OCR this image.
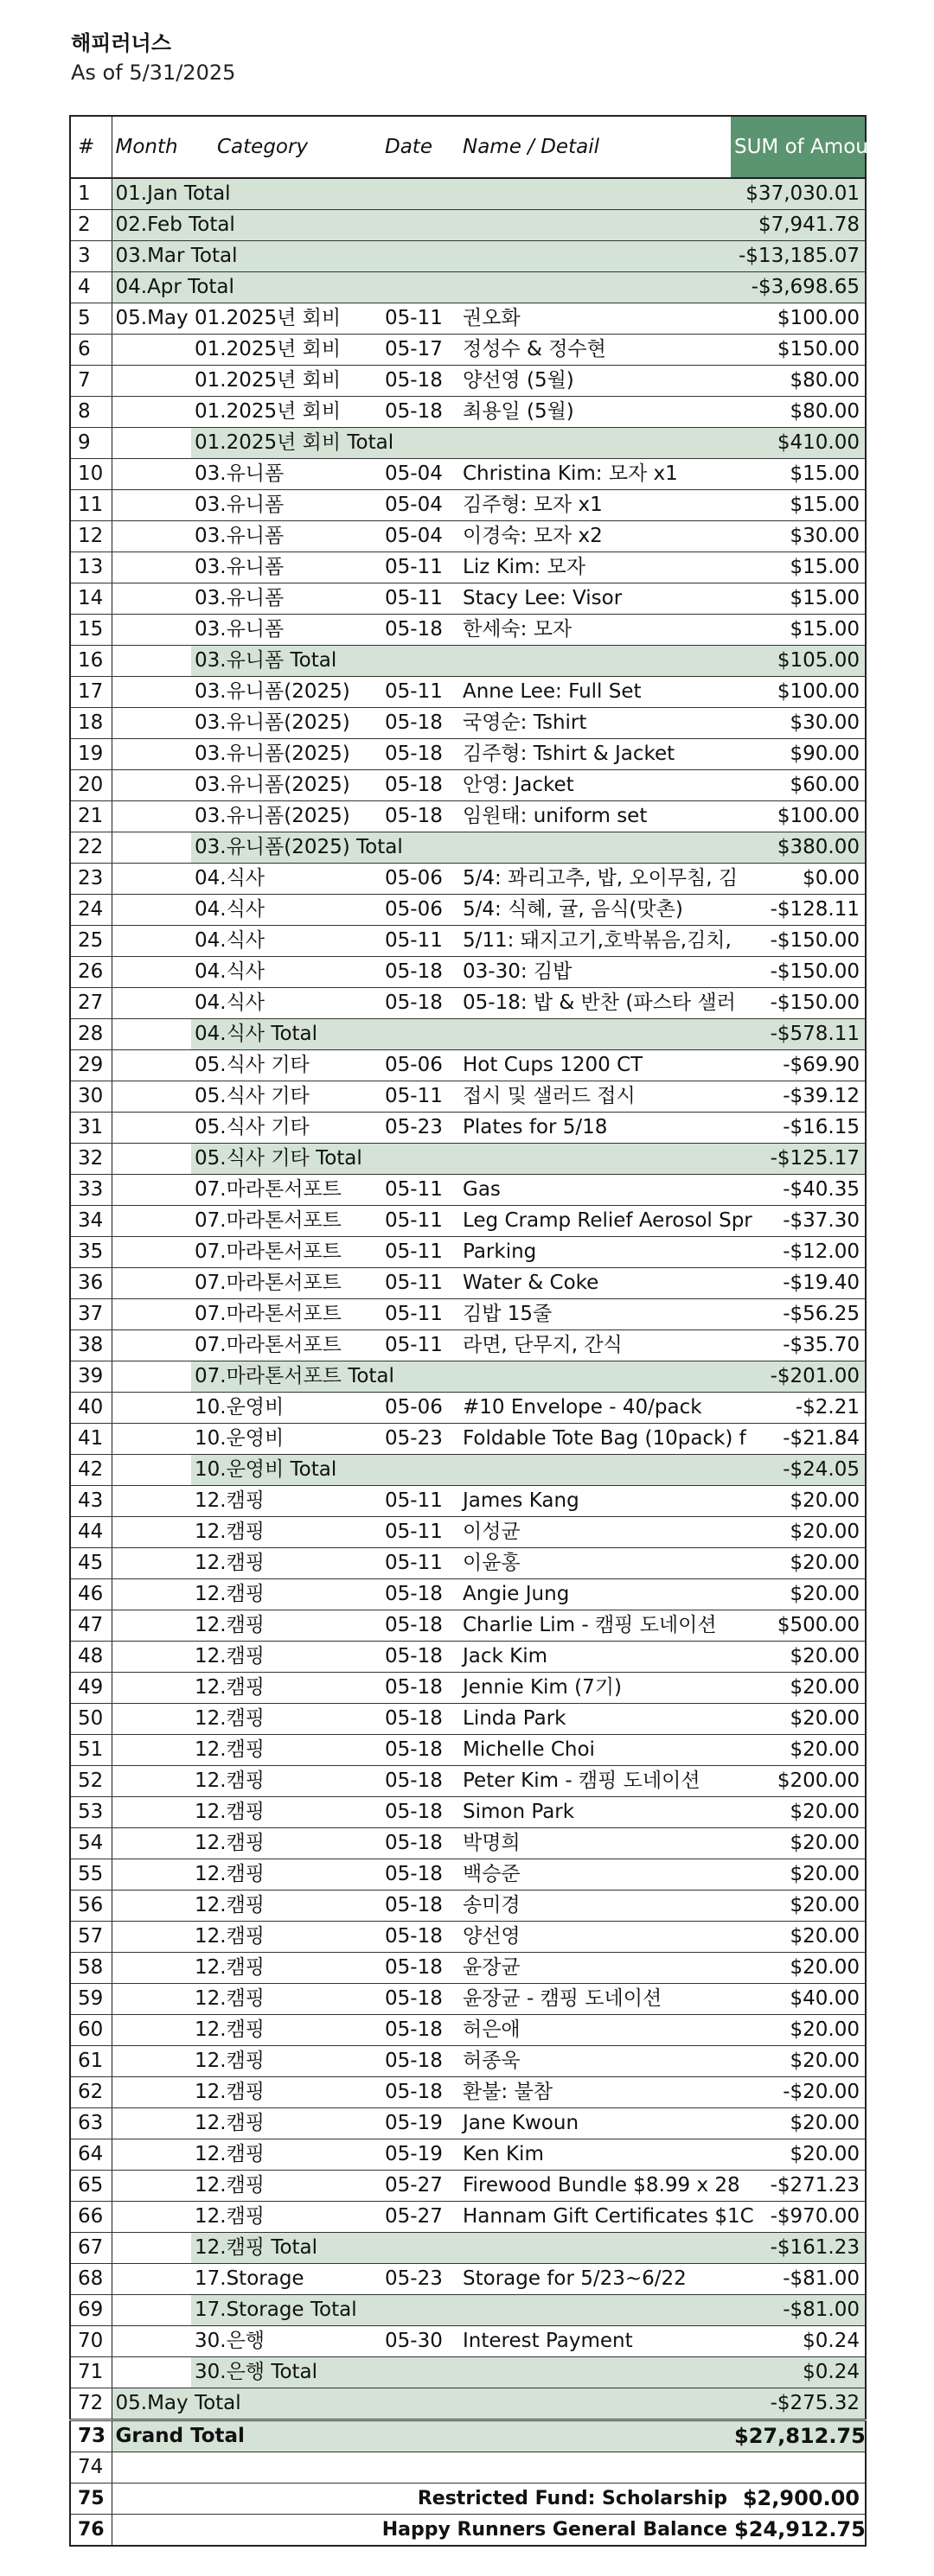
해피러너스
As of 5/31/2025
#	Month	Category	Date	Name / Detail	SUM of Amount
1	01.Jan Total				$37,030.01
2	02.Feb Total				$7,941.78
3	03.Mar Total				-$13,185.07
4	04.Apr Total				-$3,698.65
5	05.May	01.2025년 회비	05-11	권오화	$100.00
6		01.2025년 회비	05-17	정성수 & 정수현	$150.00
7		01.2025년 회비	05-18	양선영 (5월)	$80.00
8		01.2025년 회비	05-18	최용일 (5월)	$80.00
9		01.2025년 회비 Total			$410.00
10		03.유니폼	05-04	Christina Kim: 모자 x1	$15.00
11		03.유니폼	05-04	김주형: 모자 x1	$15.00
12		03.유니폼	05-04	이경숙: 모자 x2	$30.00
13		03.유니폼	05-11	Liz Kim: 모자	$15.00
14		03.유니폼	05-11	Stacy Lee: Visor	$15.00
15		03.유니폼	05-18	한세숙: 모자	$15.00
16		03.유니폼 Total			$105.00
17		03.유니폼(2025)	05-11	Anne Lee: Full Set	$100.00
18		03.유니폼(2025)	05-18	국영순: Tshirt	$30.00
19		03.유니폼(2025)	05-18	김주형: Tshirt & Jacket	$90.00
20		03.유니폼(2025)	05-18	안영: Jacket	$60.00
21		03.유니폼(2025)	05-18	임원태: uniform set	$100.00
22		03.유니폼(2025) Total			$380.00
23		04.식사	05-06	5/4: 꽈리고추, 밥, 오이무침, 김	$0.00
24		04.식사	05-06	5/4: 식혜, 귤, 음식(맛촌)	-$128.11
25		04.식사	05-11	5/11: 돼지고기,호박볶음,김치,	-$150.00
26		04.식사	05-18	03-30: 김밥	-$150.00
27		04.식사	05-18	05-18: 밥 & 반찬 (파스타 샐러	-$150.00
28		04.식사 Total			-$578.11
29		05.식사 기타	05-06	Hot Cups 1200 CT	-$69.90
30		05.식사 기타	05-11	접시 및 샐러드 접시	-$39.12
31		05.식사 기타	05-23	Plates for 5/18	-$16.15
32		05.식사 기타 Total			-$125.17
33		07.마라톤서포트	05-11	Gas	-$40.35
34		07.마라톤서포트	05-11	Leg Cramp Relief Aerosol Spr	-$37.30
35		07.마라톤서포트	05-11	Parking	-$12.00
36		07.마라톤서포트	05-11	Water & Coke	-$19.40
37		07.마라톤서포트	05-11	김밥 15줄	-$56.25
38		07.마라톤서포트	05-11	라면, 단무지, 간식	-$35.70
39		07.마라톤서포트 Total			-$201.00
40		10.운영비	05-06	#10 Envelope - 40/pack	-$2.21
41		10.운영비	05-23	Foldable Tote Bag (10pack) f	-$21.84
42		10.운영비 Total			-$24.05
43		12.캠핑	05-11	James Kang	$20.00
44		12.캠핑	05-11	이성균	$20.00
45		12.캠핑	05-11	이윤홍	$20.00
46		12.캠핑	05-18	Angie Jung	$20.00
47		12.캠핑	05-18	Charlie Lim - 캠핑 도네이션	$500.00
48		12.캠핑	05-18	Jack Kim	$20.00
49		12.캠핑	05-18	Jennie Kim (7기)	$20.00
50		12.캠핑	05-18	Linda Park	$20.00
51		12.캠핑	05-18	Michelle Choi	$20.00
52		12.캠핑	05-18	Peter Kim - 캠핑 도네이션	$200.00
53		12.캠핑	05-18	Simon Park	$20.00
54		12.캠핑	05-18	박명희	$20.00
55		12.캠핑	05-18	백승준	$20.00
56		12.캠핑	05-18	송미경	$20.00
57		12.캠핑	05-18	양선영	$20.00
58		12.캠핑	05-18	윤장균	$20.00
59		12.캠핑	05-18	윤장균 - 캠핑 도네이션	$40.00
60		12.캠핑	05-18	허은애	$20.00
61		12.캠핑	05-18	허종욱	$20.00
62		12.캠핑	05-18	환불: 불참	-$20.00
63		12.캠핑	05-19	Jane Kwoun	$20.00
64		12.캠핑	05-19	Ken Kim	$20.00
65		12.캠핑	05-27	Firewood Bundle $8.99 x 28	-$271.23
66		12.캠핑	05-27	Hannam Gift Certificates $1C	-$970.00
67		12.캠핑 Total			-$161.23
68		17.Storage	05-23	Storage for 5/23~6/22	-$81.00
69		17.Storage Total			-$81.00
70		30.은행	05-30	Interest Payment	$0.24
71		30.은행 Total			$0.24
72	05.May Total				-$275.32
73	Grand Total				$27,812.75
74					
75		Restricted Fund: Scholarship			$2,900.00
76		Happy Runners General Balance			$24,912.75
